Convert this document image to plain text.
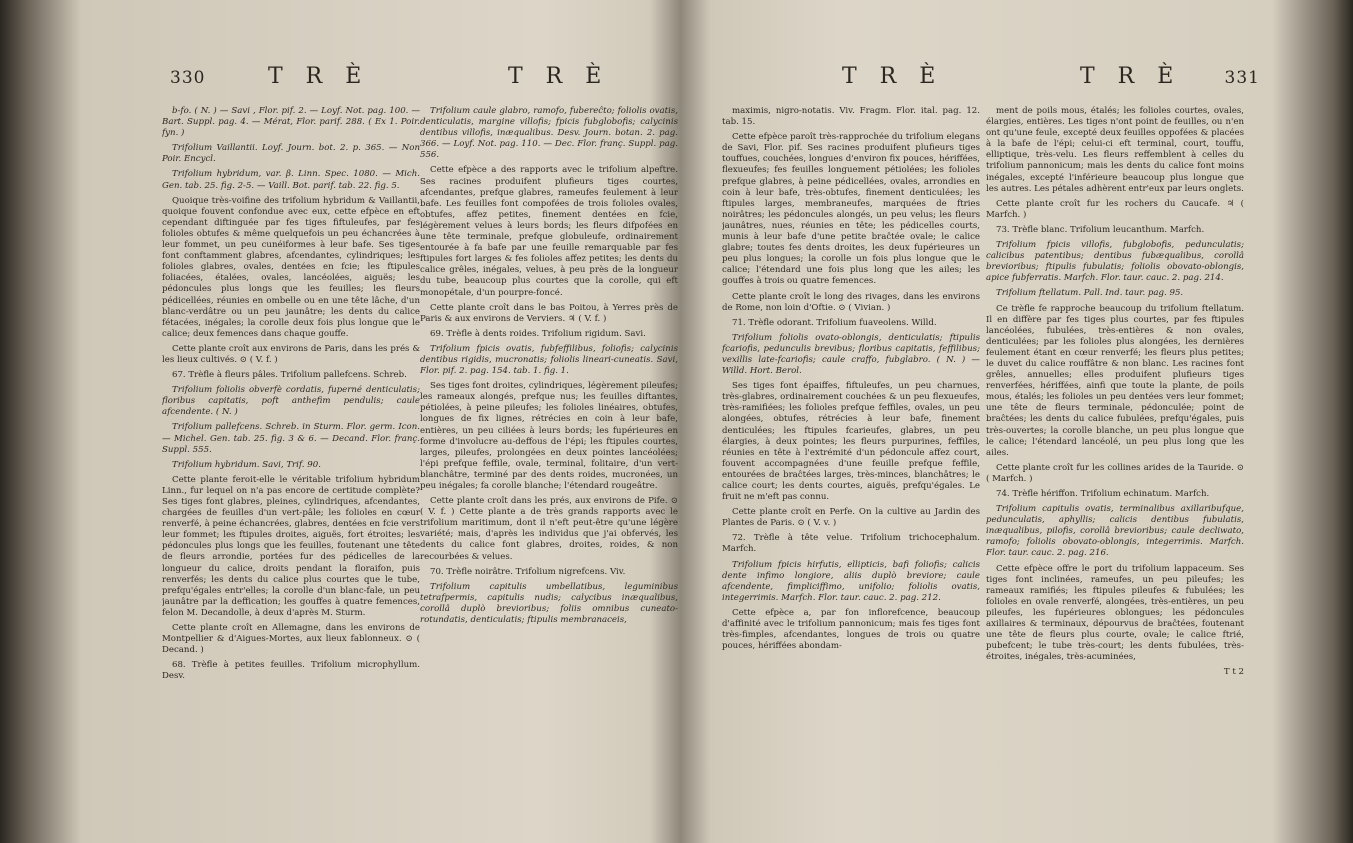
330	T R È	T R È

b-fo. ( N. ) — Savi , Flor. pif. 2. — Loyf. Not. pag. 100. — Bart. Suppl. pag. 4. — Mérat, Flor. parif. 288. ( Ex 1. Poir. fyn. )

Trifolium Vaillantii. Loyf. Journ. bot. 2. p. 365. — Non Poir. Encycl.

Trifolium hybridum, var. β. Linn. Spec. 1080. — Mich. Gen. tab. 25. fig. 2-5. — Vaill. Bot. parif. tab. 22. fig. 5.

Quoique très-voifine des trifolium hybridum & Vaillantii, quoique fouvent confondue avec eux, cette efpèce en eft cependant diftinguée par fes tiges fiftuleufes, par fes folioles obtufes & même quelquefois un peu échancrées à leur fommet, un peu cunéiformes à leur bafe. Ses tiges font conftamment glabres, afcendantes, cylindriques; les folioles glabres, ovales, dentées en fcie; les ftipules foliacées, étalées, ovales, lancéolées, aiguës; les pédoncules plus longs que les feuilles; les fleurs pédicellées, réunies en ombelle ou en une tête lâche, d'un blanc-verdâtre ou un peu jaunâtre; les dents du calice fétacées, inégales; la corolle deux fois plus longue que le calice; deux femences dans chaque gouffe.

Cette plante croît aux environs de Paris, dans les prés & les lieux cultivés. ⊙ ( V. f. )

67. Trèfle à fleurs pâles. Trifolium pallefcens. Schreb.

Trifolium foliolis obverfè cordatis, fuperné denticulatis; floribus capitatis, poft anthefim pendulis; caule afcendente. ( N. )

Trifolium pallefcens. Schreb. in Sturm. Flor. germ. Icon. — Michel. Gen. tab. 25. fig. 3 & 6. — Decand. Flor. franç. Suppl. 555.

Trifolium hybridum. Savi, Trif. 90.

Cette plante feroit-elle le véritable trifolium hybridum Linn., fur lequel on n'a pas encore de certitude complète? Ses tiges font glabres, pleines, cylindriques, afcendantes, chargées de feuilles d'un vert-pâle; les folioles en cœur renverfé, à peine échancrées, glabres, dentées en fcie vers leur fommet; les ftipules droites, aiguës, fort étroites; les pédoncules plus longs que les feuilles, foutenant une tête de fleurs arrondie, portées fur des pédicelles de la longueur du calice, droits pendant la floraifon, puis renverfés; les dents du calice plus courtes que le tube, prefqu'égales entr'elles; la corolle d'un blanc-fale, un peu jaunâtre par la deffication; les gouffes à quatre femences, felon M. Decandolle, à deux d'après M. Sturm.

Cette plante croît en Allemagne, dans les environs de Montpellier & d'Aigues-Mortes, aux lieux fablonneux. ⊙ ( Decand. )

68. Trèfle à petites feuilles. Trifolium microphyllum. Desv.

Trifolium caule glabro, ramofo, fubereĉto; foliolis ovatis, denticulatis, margine villofis; fpicis fubglobofis; calycinis dentibus villofis, inæqualibus. Desv. Journ. botan. 2. pag. 366. — Loyf. Not. pag. 110. — Dec. Flor. franç. Suppl. pag. 556.

Cette efpèce a des rapports avec le trifolium alpeftre. Ses racines produifent plufieurs tiges courtes, afcendantes, prefque glabres, rameufes feulement à leur bafe. Les feuilles font compofées de trois folioles ovales, obtufes, affez petites, finement dentées en fcie, légèrement velues à leurs bords; les fleurs difpofées en une tête terminale, prefque globuleufe, ordinairement entourée à fa bafe par une feuille remarquable par fes ftipules fort larges & fes folioles affez petites; les dents du calice grêles, inégales, velues, à peu près de la longueur du tube, beaucoup plus courtes que la corolle, qui eft monopétale, d'un pourpre-foncé.

Cette plante croît dans le bas Poitou, à Yerres près de Paris & aux environs de Verviers. ♃ ( V. f. )

69. Trèfle à dents roides. Trifolium rigidum. Savi.

Trifolium fpicis ovatis, fubfeffilibus, foliofis; calycinis dentibus rigidis, mucronatis; foliolis lineari-cuneatis. Savi, Flor. pif. 2. pag. 154. tab. 1. fig. 1.

Ses tiges font droites, cylindriques, légèrement pileufes; les rameaux alongés, prefque nus; les feuilles diftantes, pétiolées, à peine pileufes; les folioles linéaires, obtufes, longues de fix lignes, rétrécies en coin à leur bafe, entières, un peu ciliées à leurs bords; les fupérieures en forme d'involucre au-deffous de l'épi; les ftipules courtes, larges, pileufes, prolongées en deux pointes lancéolées; l'épi prefque feffile, ovale, terminal, folitaire, d'un vert-blanchâtre, terminé par des dents roides, mucronées, un peu inégales; fa corolle blanche; l'étendard rougeâtre.

Cette plante croît dans les prés, aux environs de Pife. ⊙ ( V. f. ) Cette plante a de très grands rapports avec le trifolium maritimum, dont il n'eft peut-être qu'une légère variété; mais, d'après les individus que j'ai obfervés, les dents du calice font glabres, droites, roides, & non recourbées & velues.

70. Trèfle noirâtre. Trifolium nigrefcens. Viv.

Trifolium capitulis umbellatibus, leguminibus tetrafpermis, capitulis nudis; calycibus inæqualibus, corollâ duplò brevioribus; foliis omnibus cuneato-rotundatis, denticulatis; ftipulis membranaceis,

T R È	T R È	331

maximis, nigro-notatis. Viv. Fragm. Flor. ital. pag. 12. tab. 15.

Cette efpèce paroît très-rapprochée du trifolium elegans de Savi, Flor. pif. Ses racines produifent plufieurs tiges touffues, couchées, longues d'environ fix pouces, hériffées, flexueufes; fes feuilles longuement pétiolées; les folioles prefque glabres, à peine pédicellées, ovales, arrondies en coin à leur bafe, très-obtufes, finement denticulées; les ftipules larges, membraneufes, marquées de ftries noirâtres; les pédoncules alongés, un peu velus; les fleurs jaunâtres, nues, réunies en tête; les pédicelles courts, munis à leur bafe d'une petite braĉtée ovale; le calice glabre; toutes fes dents droites, les deux fupérieures un peu plus longues; la corolle un fois plus longue que le calice; l'étendard une fois plus long que les ailes; les gouffes à trois ou quatre femences.

Cette plante croît le long des rivages, dans les environs de Rome, non loin d'Oftie. ⊙ ( Vivian. )

71. Trèfle odorant. Trifolium fuaveolens. Willd.

Trifolium foliolis ovato-oblongis, denticulatis; ftipulis fcariofis, pedunculis brevibus; floribus capitatis, feffilibus; vexillis late-fcariofis; caule craffo, fubglabro. ( N. ) — Willd. Hort. Berol.

Ses tiges font épaiffes, fiftuleufes, un peu charnues, très-glabres, ordinairement couchées & un peu flexueufes, très-ramifiées; les folioles prefque feffiles, ovales, un peu alongées, obtufes, rétrécies à leur bafe, finement denticulées; les ftipules fcarieufes, glabres, un peu élargies, à deux pointes; les fleurs purpurines, feffiles, réunies en tête à l'extrémité d'un pédoncule affez court, fouvent accompagnées d'une feuille prefque feffile, entourées de braĉtées larges, très-minces, blanchâtres; le calice court; les dents courtes, aiguës, prefqu'égales. Le fruit ne m'eft pas connu.

Cette plante croît en Perfe. On la cultive au Jardin des Plantes de Paris. ⊙ ( V. v. )

72. Trèfle à tête velue. Trifolium trichocephalum. Marfch.

Trifolium fpicis hirfutis, ellipticis, bafi foliofis; calicis dente infimo longiore, aliis duplò breviore; caule afcendente, fimpliciffimo, unifolio; foliolis ovatis, integerrimis. Marfch. Flor. taur. cauc. 2. pag. 212.

Cette efpèce a, par fon inflorefcence, beaucoup d'affinité avec le trifolium pannonicum; mais fes tiges font très-fimples, afcendantes, longues de trois ou quatre pouces, hériffées abondam-

ment de poils mous, étalés; les folioles courtes, ovales, élargies, entières. Les tiges n'ont point de feuilles, ou n'en ont qu'une feule, excepté deux feuilles oppofées & placées à la bafe de l'épi; celui-ci eft terminal, court, touffu, elliptique, très-velu. Les fleurs reffemblent à celles du trifolium pannonicum; mais les dents du calice font moins inégales, excepté l'inférieure beaucoup plus longue que les autres. Les pétales adhèrent entr'eux par leurs onglets.

Cette plante croît fur les rochers du Caucafe. ♃ ( Marfch. )

73. Trèfle blanc. Trifolium leucanthum. Marfch.

Trifolium fpicis villofis, fubglobofis, pedunculatis; calicibus patentibus; dentibus fubæqualibus, corollâ brevioribus; ftipulis fubulatis; foliolis obovato-oblongis, apice fubferratis. Marfch. Flor. taur. cauc. 2. pag. 214.

Trifolium ftellatum. Pall. Ind. taur. pag. 95.

Ce trèfle fe rapproche beaucoup du trifolium ftellatum. Il en diffère par fes tiges plus courtes, par fes ftipules lancéolées, fubulées, très-entières & non ovales, denticulées; par les folioles plus alongées, les dernières feulement étant en cœur renverfé; les fleurs plus petites; le duvet du calice rouffâtre & non blanc. Les racines font grêles, annuelles; elles produifent plufieurs tiges renverfées, hériffées, ainfi que toute la plante, de poils mous, étalés; les folioles un peu dentées vers leur fommet; une tête de fleurs terminale, pédonculée; point de braĉtées; les dents du calice fubulées, prefqu'égales, puis très-ouvertes; la corolle blanche, un peu plus longue que le calice; l'étendard lancéolé, un peu plus long que les ailes.

Cette plante croît fur les collines arides de la Tauride. ⊙ ( Marfch. )

74. Trèfle hériffon. Trifolium echinatum. Marfch.

Trifolium capitulis ovatis, terminalibus axillaribufque, pedunculatis, aphyllis; calicis dentibus fubulatis, inæqualibus, pilofis, corollâ brevioribus; caule decliwato, ramofo; foliolis obovato-oblongis, integerrimis. Marfch. Flor. taur. cauc. 2. pag. 216.

Cette efpèce offre le port du trifolium lappaceum. Ses tiges font inclinées, rameufes, un peu pileufes; les rameaux ramifiés; les ftipules pileufes & fubulées; les folioles en ovale renverfé, alongées, très-entières, un peu pileufes, les fupérieures oblongues; les pédoncules axillaires & terminaux, dépourvus de braĉtées, foutenant une tête de fleurs plus courte, ovale; le calice ftrié, pubefcent; le tube très-court; les dents fubulées, très-étroites, inégales, très-acuminées,

T t 2
